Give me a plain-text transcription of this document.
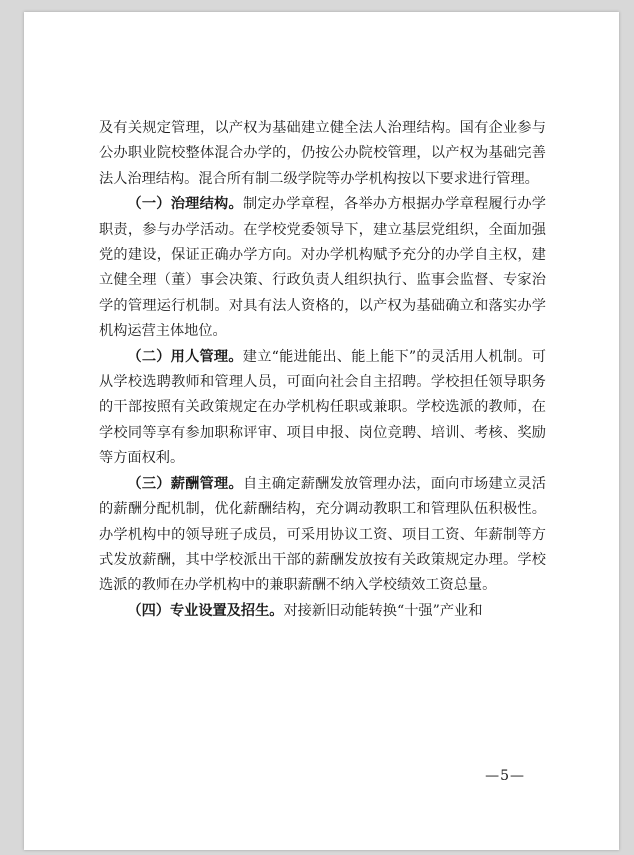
及有关规定管理，以产权为基础建立健全法人治理结构。国有企业参与公办职业院校整体混合办学的，仍按公办院校管理，以产权为基础完善法人治理结构。混合所有制二级学院等办学机构按以下要求进行管理。

（一）治理结构。制定办学章程，各举办方根据办学章程履行办学职责，参与办学活动。在学校党委领导下，建立基层党组织，全面加强党的建设，保证正确办学方向。对办学机构赋予充分的办学自主权，建立健全理（董）事会决策、行政负责人组织执行、监事会监督、专家治学的管理运行机制。对具有法人资格的，以产权为基础确立和落实办学机构运营主体地位。

（二）用人管理。建立“能进能出、能上能下”的灵活用人机制。可从学校选聘教师和管理人员，可面向社会自主招聘。学校担任领导职务的干部按照有关政策规定在办学机构任职或兼职。学校选派的教师，在学校同等享有参加职称评审、项目申报、岗位竞聘、培训、考核、奖励等方面权利。

（三）薪酬管理。自主确定薪酬发放管理办法，面向市场建立灵活的薪酬分配机制，优化薪酬结构，充分调动教职工和管理队伍积极性。办学机构中的领导班子成员，可采用协议工资、项目工资、年薪制等方式发放薪酬，其中学校派出干部的薪酬发放按有关政策规定办理。学校选派的教师在办学机构中的兼职薪酬不纳入学校绩效工资总量。

（四）专业设置及招生。对接新旧动能转换“十强”产业和

—5—
